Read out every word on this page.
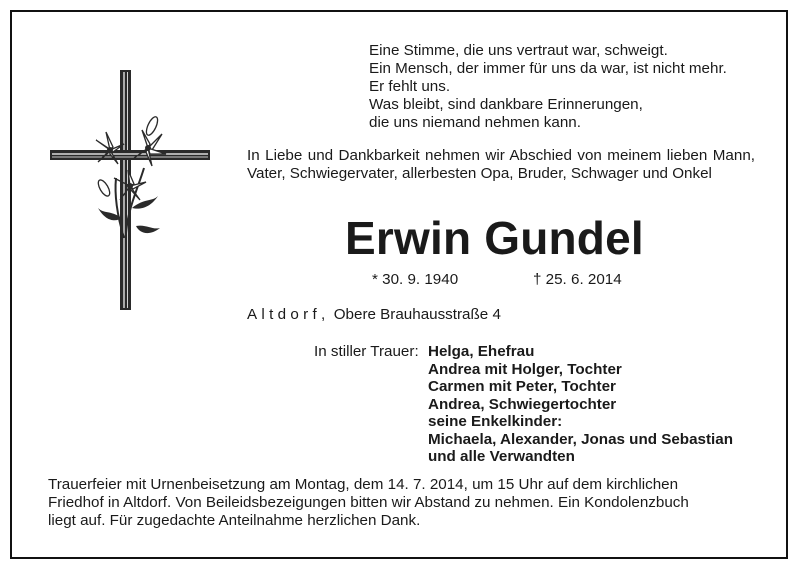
Eine Stimme, die uns vertraut war, schweigt.
Ein Mensch, der immer für uns da war, ist nicht mehr.
Er fehlt uns.
Was bleibt, sind dankbare Erinnerungen,
die uns niemand nehmen kann.
In Liebe und Dankbarkeit nehmen wir Abschied von meinem lieben Mann, Vater, Schwiegervater, allerbesten Opa, Bruder, Schwager und Onkel
Erwin Gundel
* 30. 9. 1940	† 25. 6. 2014
Altdorf, Obere Brauhausstraße 4
In stiller Trauer: Helga, Ehefrau
Andrea mit Holger, Tochter
Carmen mit Peter, Tochter
Andrea, Schwiegertochter
seine Enkelkinder:
Michaela, Alexander, Jonas und Sebastian
und alle Verwandten
Trauerfeier mit Urnenbeisetzung am Montag, dem 14. 7. 2014, um 15 Uhr auf dem kirchlichen
Friedhof in Altdorf. Von Beileidsbezeigungen bitten wir Abstand zu nehmen. Ein Kondolenzbuch
liegt auf. Für zugedachte Anteilnahme herzlichen Dank.
